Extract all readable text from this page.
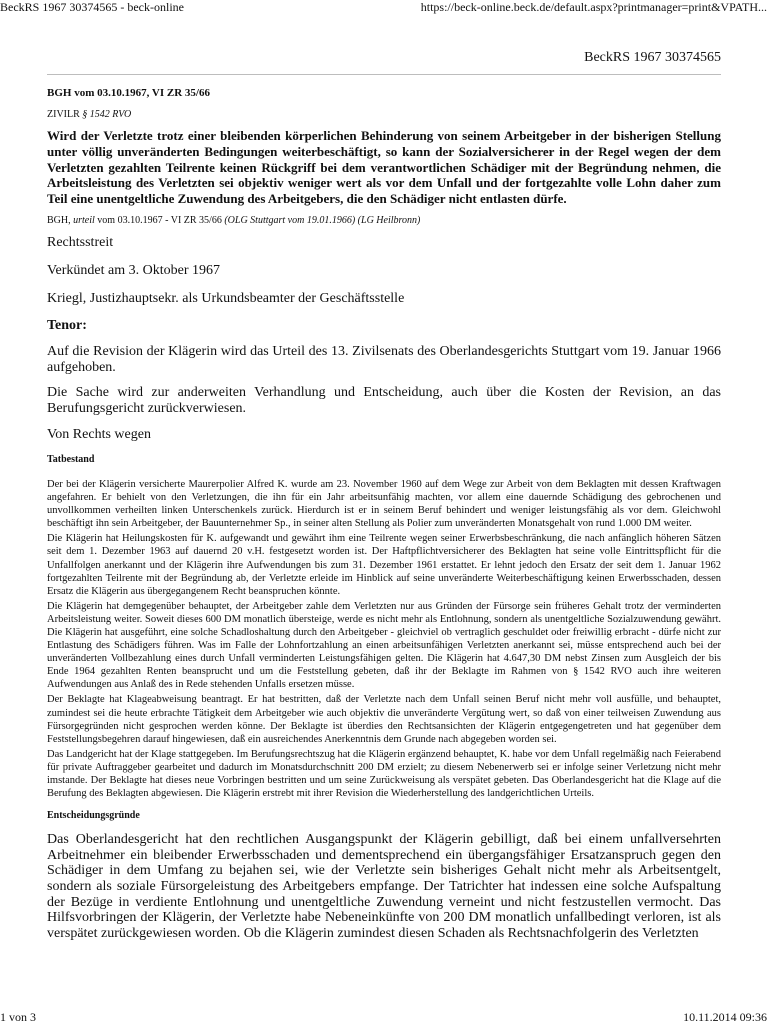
BeckRS 1967 30374565 - beck-online	https://beck-online.beck.de/default.aspx?printmanager=print&VPATH...
BeckRS 1967 30374565
BGH vom 03.10.1967, VI ZR 35/66
ZIVILR § 1542 RVO
Wird der Verletzte trotz einer bleibenden körperlichen Behinderung von seinem Arbeitgeber in der bisherigen Stellung unter völlig unveränderten Bedingungen weiterbeschäftigt, so kann der Sozialversicherer in der Regel wegen der dem Verletzten gezahlten Teilrente keinen Rückgriff bei dem verantwortlichen Schädiger mit der Begründung nehmen, die Arbeitsleistung des Verletzten sei objektiv weniger wert als vor dem Unfall und der fortgezahlte volle Lohn daher zum Teil eine unentgeltliche Zuwendung des Arbeitgebers, die den Schädiger nicht entlasten dürfe.
BGH, urteil vom 03.10.1967 - VI ZR 35/66 (OLG Stuttgart vom 19.01.1966) (LG Heilbronn)
Rechtsstreit
Verkündet am 3. Oktober 1967
Kriegl, Justizhauptsekr. als Urkundsbeamter der Geschäftsstelle
Tenor:
Auf die Revision der Klägerin wird das Urteil des 13. Zivilsenats des Oberlandesgerichts Stuttgart vom 19. Januar 1966 aufgehoben.
Die Sache wird zur anderweiten Verhandlung und Entscheidung, auch über die Kosten der Revision, an das Berufungsgericht zurückverwiesen.
Von Rechts wegen
Tatbestand
Der bei der Klägerin versicherte Maurerpolier Alfred K. wurde am 23. November 1960 auf dem Wege zur Arbeit von dem Beklagten mit dessen Kraftwagen angefahren. Er behielt von den Verletzungen, die ihn für ein Jahr arbeitsunfähig machten, vor allem eine dauernde Schädigung des gebrochenen und unvollkommen verheilten linken Unterschenkels zurück. Hierdurch ist er in seinem Beruf behindert und weniger leistungsfähig als vor dem. Gleichwohl beschäftigt ihn sein Arbeitgeber, der Bauunternehmer Sp., in seiner alten Stellung als Polier zum unveränderten Monatsgehalt von rund 1.000 DM weiter.
Die Klägerin hat Heilungskosten für K. aufgewandt und gewährt ihm eine Teilrente wegen seiner Erwerbsbeschränkung, die nach anfänglich höheren Sätzen seit dem 1. Dezember 1963 auf dauernd 20 v.H. festgesetzt worden ist. Der Haftpflichtversicherer des Beklagten hat seine volle Eintrittspflicht für die Unfallfolgen anerkannt und der Klägerin ihre Aufwendungen bis zum 31. Dezember 1961 erstattet. Er lehnt jedoch den Ersatz der seit dem 1. Januar 1962 fortgezahlten Teilrente mit der Begründung ab, der Verletzte erleide im Hinblick auf seine unveränderte Weiterbeschäftigung keinen Erwerbsschaden, dessen Ersatz die Klägerin aus übergegangenem Recht beanspruchen könnte.
Die Klägerin hat demgegenüber behauptet, der Arbeitgeber zahle dem Verletzten nur aus Gründen der Fürsorge sein früheres Gehalt trotz der verminderten Arbeitsleistung weiter. Soweit dieses 600 DM monatlich übersteige, werde es nicht mehr als Entlohnung, sondern als unentgeltliche Sozialzuwendung gewährt. Die Klägerin hat ausgeführt, eine solche Schadloshaltung durch den Arbeitgeber - gleichviel ob vertraglich geschuldet oder freiwillig erbracht - dürfe nicht zur Entlastung des Schädigers führen. Was im Falle der Lohnfortzahlung an einen arbeitsunfähigen Verletzten anerkannt sei, müsse entsprechend auch bei der unveränderten Vollbezahlung eines durch Unfall verminderten Leistungsfähigen gelten. Die Klägerin hat 4.647,30 DM nebst Zinsen zum Ausgleich der bis Ende 1964 gezahlten Renten beansprucht und um die Feststellung gebeten, daß ihr der Beklagte im Rahmen von § 1542 RVO auch ihre weiteren Aufwendungen aus Anlaß des in Rede stehenden Unfalls ersetzen müsse.
Der Beklagte hat Klageabweisung beantragt. Er hat bestritten, daß der Verletzte nach dem Unfall seinen Beruf nicht mehr voll ausfülle, und behauptet, zumindest sei die heute erbrachte Tätigkeit dem Arbeitgeber wie auch objektiv die unveränderte Vergütung wert, so daß von einer teilweisen Zuwendung aus Fürsorgegründen nicht gesprochen werden könne. Der Beklagte ist überdies den Rechtsansichten der Klägerin entgegengetreten und hat gegenüber dem Feststellungsbegehren darauf hingewiesen, daß ein ausreichendes Anerkenntnis dem Grunde nach abgegeben worden sei.
Das Landgericht hat der Klage stattgegeben. Im Berufungsrechtszug hat die Klägerin ergänzend behauptet, K. habe vor dem Unfall regelmäßig nach Feierabend für private Auftraggeber gearbeitet und dadurch im Monatsdurchschnitt 200 DM erzielt; zu diesem Nebenerwerb sei er infolge seiner Verletzung nicht mehr imstande. Der Beklagte hat dieses neue Vorbringen bestritten und um seine Zurückweisung als verspätet gebeten. Das Oberlandesgericht hat die Klage auf die Berufung des Beklagten abgewiesen. Die Klägerin erstrebt mit ihrer Revision die Wiederherstellung des landgerichtlichen Urteils.
Entscheidungsgründe
Das Oberlandesgericht hat den rechtlichen Ausgangspunkt der Klägerin gebilligt, daß bei einem unfallversehrten Arbeitnehmer ein bleibender Erwerbsschaden und dementsprechend ein übergangsfähiger Ersatzanspruch gegen den Schädiger in dem Umfang zu bejahen sei, wie der Verletzte sein bisheriges Gehalt nicht mehr als Arbeitsentgelt, sondern als soziale Fürsorgeleistung des Arbeitgebers empfange. Der Tatrichter hat indessen eine solche Aufspaltung der Bezüge in verdiente Entlohnung und unentgeltliche Zuwendung verneint und nicht festzustellen vermocht. Das Hilfsvorbringen der Klägerin, der Verletzte habe Nebeneinkünfte von 200 DM monatlich unfallbedingt verloren, ist als verspätet zurückgewiesen worden. Ob die Klägerin zumindest diesen Schaden als Rechtsnachfolgerin des Verletzten
1 von 3	10.11.2014 09:36
